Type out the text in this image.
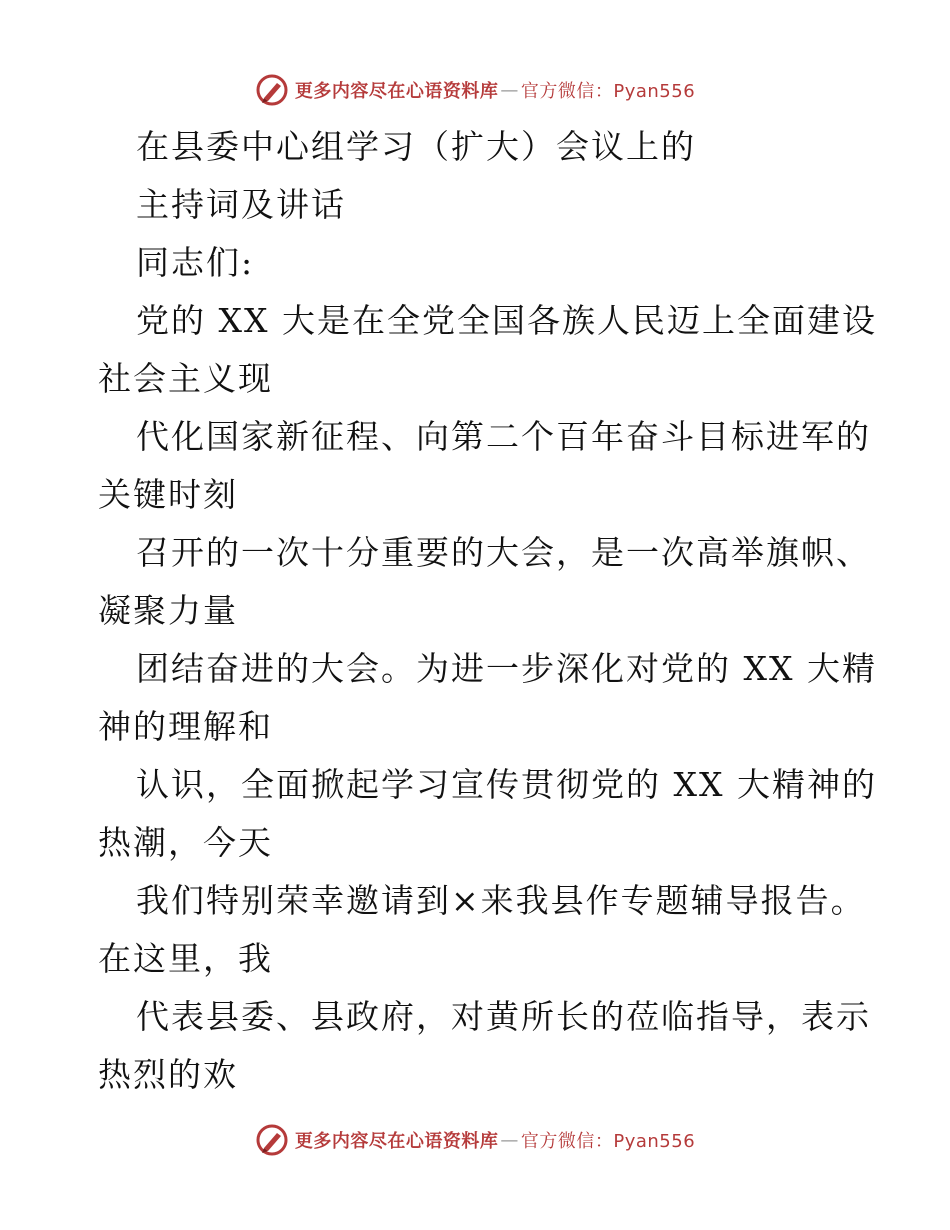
更多内容尽在心语资料库 — 官方微信：Pyan556
在县委中心组学习（扩大）会议上的
主持词及讲话
同志们:
党的 XX 大是在全党全国各族人民迈上全面建设
社会主义现
代化国家新征程、向第二个百年奋斗目标进军的
关键时刻
召开的一次十分重要的大会，是一次高举旗帜、
凝聚力量
团结奋进的大会。为进一步深化对党的 XX 大精
神的理解和
认识，全面掀起学习宣传贯彻党的 XX 大精神的
热潮，今天
我们特别荣幸邀请到×来我县作专题辅导报告。
在这里，我
代表县委、县政府，对黄所长的莅临指导，表示
热烈的欢
更多内容尽在心语资料库 — 官方微信：Pyan556
